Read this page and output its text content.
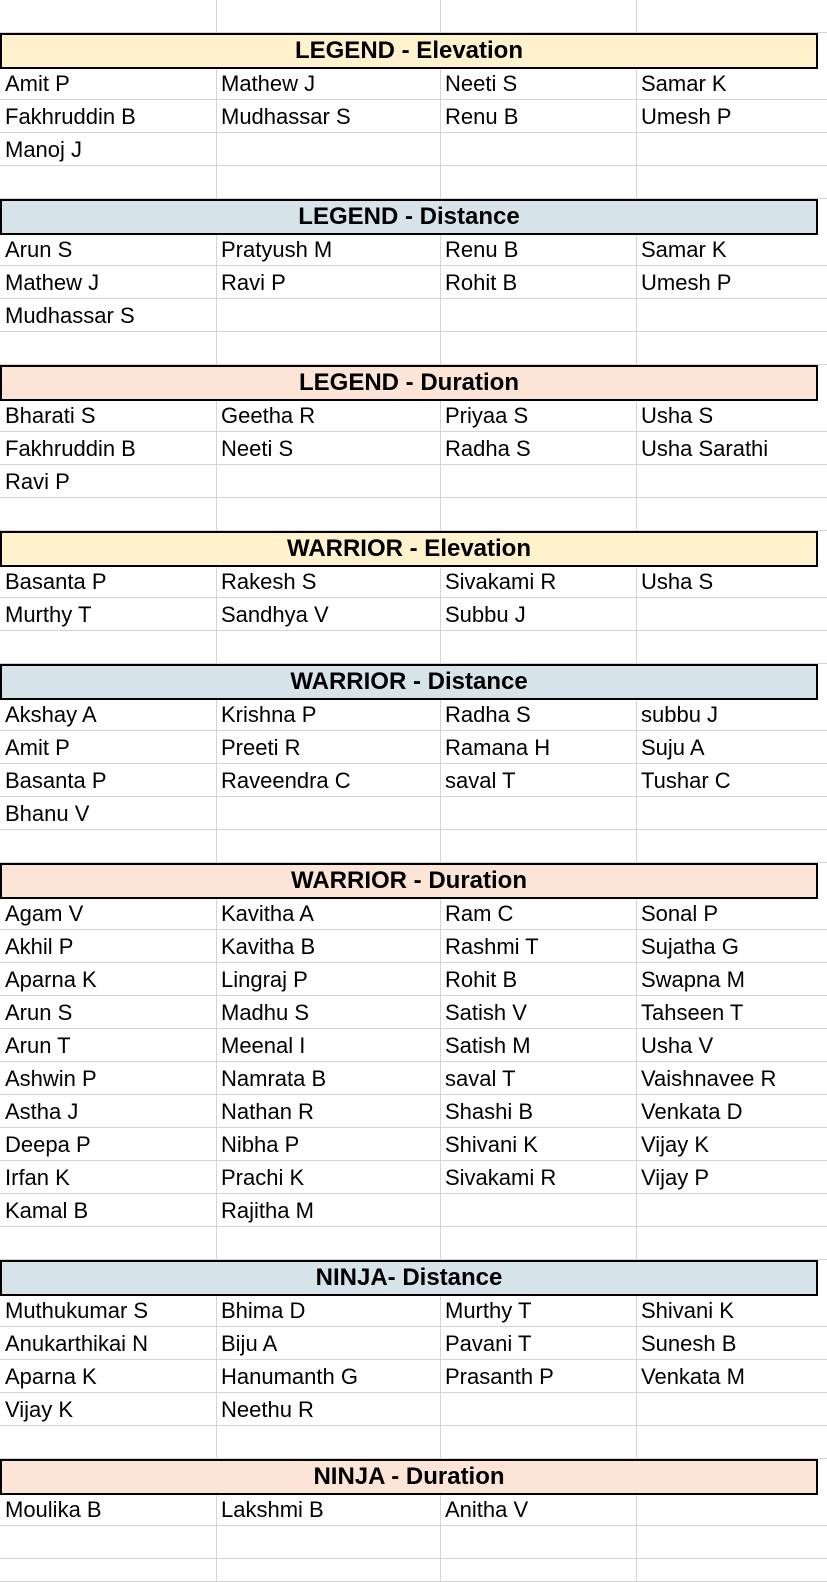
LEGEND - Elevation
Amit P	Mathew J	Neeti S	Samar K
Fakhruddin B	Mudhassar S	Renu B	Umesh P
Manoj J
LEGEND - Distance
Arun S	Pratyush M	Renu B	Samar K
Mathew J	Ravi P	Rohit B	Umesh P
Mudhassar S
LEGEND - Duration
Bharati S	Geetha R	Priyaa S	Usha S
Fakhruddin B	Neeti S	Radha S	Usha Sarathi
Ravi P
WARRIOR - Elevation
Basanta P	Rakesh S	Sivakami R	Usha S
Murthy T	Sandhya V	Subbu J
WARRIOR - Distance
Akshay A	Krishna P	Radha S	subbu J
Amit P	Preeti R	Ramana H	Suju A
Basanta P	Raveendra C	saval T	Tushar C
Bhanu V
WARRIOR - Duration
Agam V	Kavitha A	Ram C	Sonal P
Akhil P	Kavitha B	Rashmi T	Sujatha G
Aparna K	Lingraj P	Rohit B	Swapna M
Arun S	Madhu S	Satish V	Tahseen T
Arun T	Meenal I	Satish M	Usha V
Ashwin P	Namrata B	saval T	Vaishnavee R
Astha J	Nathan R	Shashi B	Venkata D
Deepa P	Nibha P	Shivani K	Vijay K
Irfan K	Prachi K	Sivakami R	Vijay P
Kamal B	Rajitha M
NINJA- Distance
Muthukumar S	Bhima D	Murthy T	Shivani K
Anukarthikai N	Biju A	Pavani T	Sunesh B
Aparna K	Hanumanth G	Prasanth P	Venkata M
Vijay K	Neethu R
NINJA - Duration
Moulika B	Lakshmi B	Anitha V
